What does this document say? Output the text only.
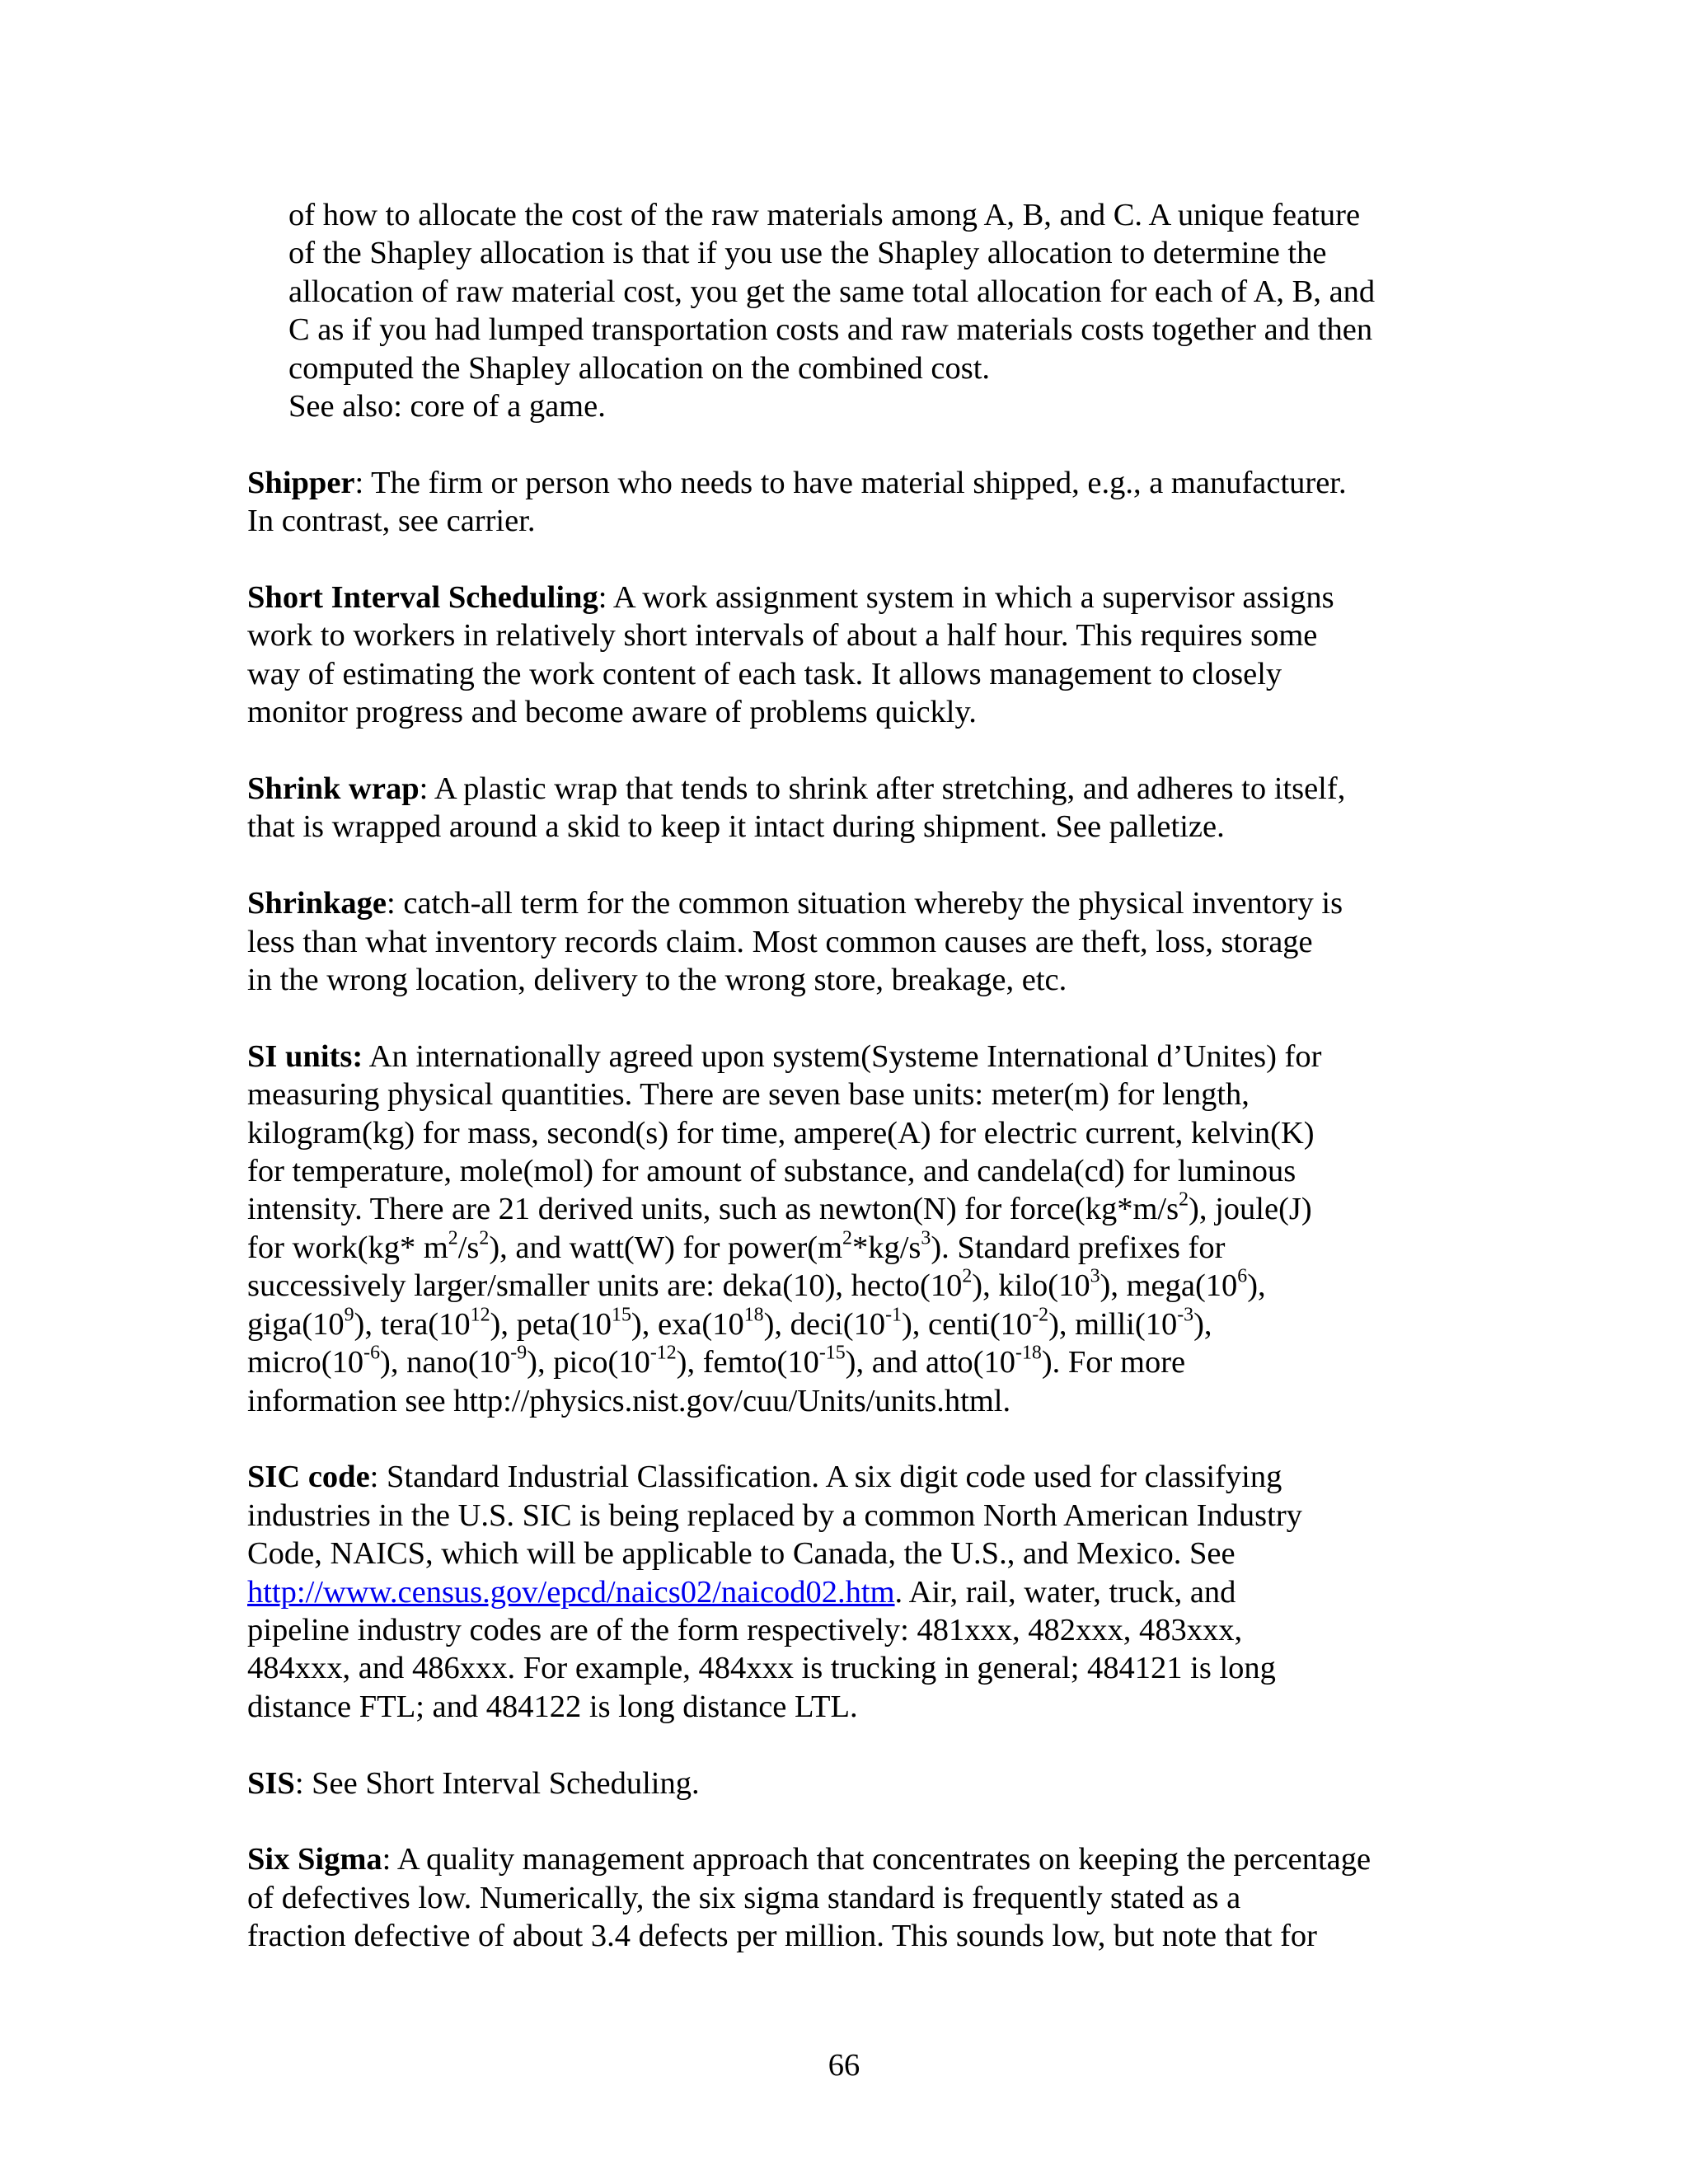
of how to allocate the cost of the raw materials among A, B, and C. A unique feature
of the Shapley allocation is that if you use the Shapley allocation to determine the
allocation of raw material cost, you get the same total allocation for each of A, B, and
C as if you had lumped transportation costs and raw materials costs together and then
computed the Shapley allocation on the combined cost.
See also: core of a game.
Shipper: The firm or person who needs to have material shipped, e.g., a manufacturer.
In contrast, see carrier.
Short Interval Scheduling: A work assignment system in which a supervisor assigns
work to workers in relatively short intervals of about a half hour. This requires some
way of estimating the work content of each task. It allows management to closely
monitor progress and become aware of problems quickly.
Shrink wrap: A plastic wrap that tends to shrink after stretching, and adheres to itself,
that is wrapped around a skid to keep it intact during shipment. See palletize.
Shrinkage: catch-all term for the common situation whereby the physical inventory is
less than what inventory records claim. Most common causes are theft, loss, storage
in the wrong location, delivery to the wrong store, breakage, etc.
SI units: An internationally agreed upon system(Systeme International d’Unites) for
measuring physical quantities. There are seven base units: meter(m) for length,
kilogram(kg) for mass, second(s) for time, ampere(A) for electric current, kelvin(K)
for temperature, mole(mol) for amount of substance, and candela(cd) for luminous
intensity. There are 21 derived units, such as newton(N) for $force(kg*m/s^2)$, joule(J)
for work(kg* $m^2/s^2$), and watt(W) for $power(m^2*kg/s^3)$. Standard prefixes for
successively larger/smaller units are: deka(10), $hecto(10^2)$, $kilo(10^3)$, $mega(10^6)$,
$giga(10^9)$, $tera(10^{12})$, $peta(10^{15})$, $exa(10^{18})$, $deci(10^{-1})$, $centi(10^{-2})$, $milli(10^{-3})$,
$micro(10^{-6})$, $nano(10^{-9})$, $pico(10^{-12})$, $femto(10^{-15})$, and $atto(10^{-18})$. For more
information see http://physics.nist.gov/cuu/Units/units.html.
SIC code: Standard Industrial Classification. A six digit code used for classifying
industries in the U.S. SIC is being replaced by a common North American Industry
Code, NAICS, which will be applicable to Canada, the U.S., and Mexico. See
http://www.census.gov/epcd/naics02/naicod02.htm. Air, rail, water, truck, and
pipeline industry codes are of the form respectively: 481xxx, 482xxx, 483xxx,
484xxx, and 486xxx. For example, 484xxx is trucking in general; 484121 is long
distance FTL; and 484122 is long distance LTL.
SIS: See Short Interval Scheduling.
Six Sigma: A quality management approach that concentrates on keeping the percentage
of defectives low. Numerically, the six sigma standard is frequently stated as a
fraction defective of about 3.4 defects per million. This sounds low, but note that for
66
